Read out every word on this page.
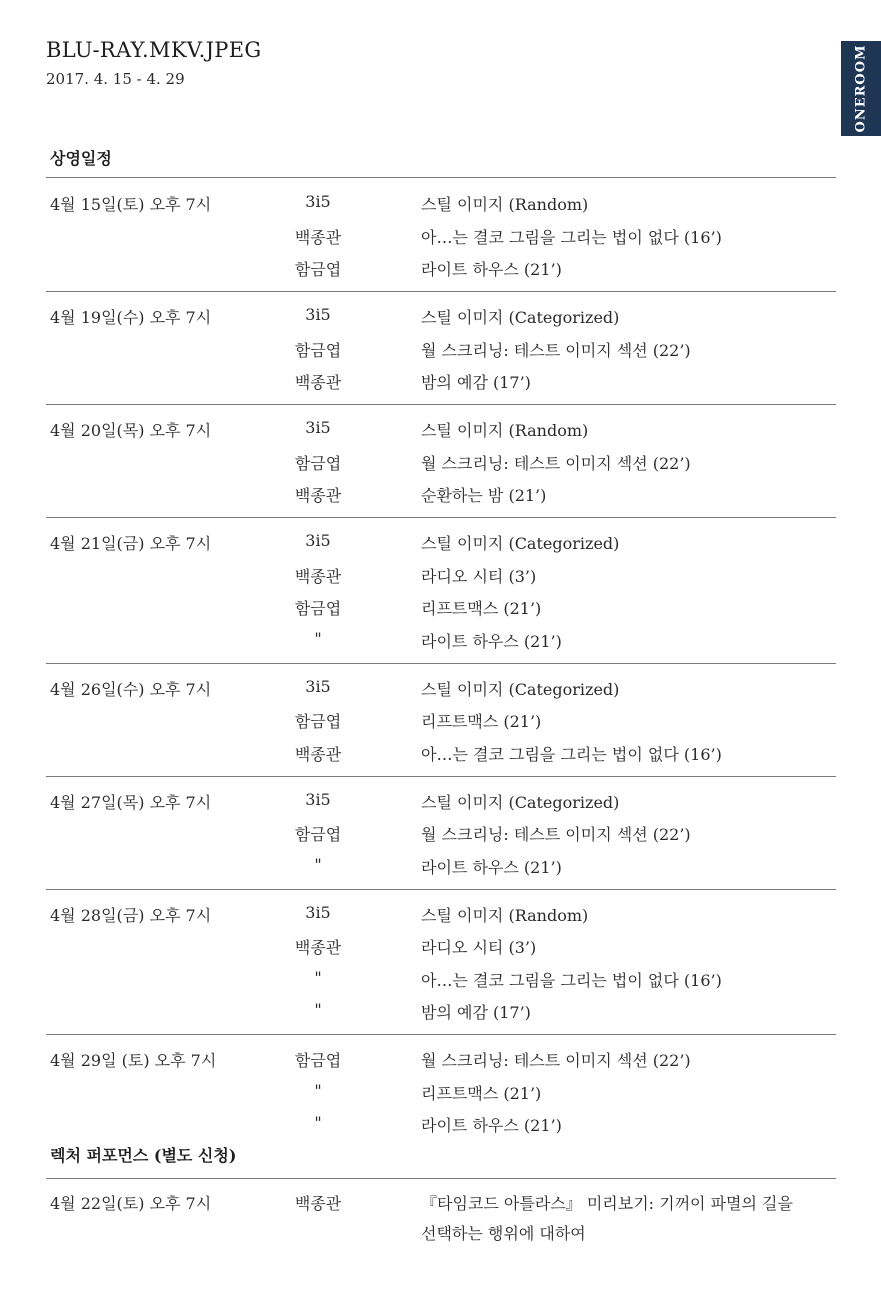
BLU-RAY.MKV.JPEG
2017. 4. 15 - 4. 29	ONEROOM
상영일정
4월 15일(토) 오후 7시	3i5	스틸 이미지 (Random)
백종관	아…는 결코 그림을 그리는 법이 없다 (16’)
함금엽	라이트 하우스 (21’)
4월 19일(수) 오후 7시	3i5	스틸 이미지 (Categorized)
함금엽	월 스크리닝: 테스트 이미지 섹션 (22’)
백종관	밤의 예감 (17’)
4월 20일(목) 오후 7시	3i5	스틸 이미지 (Random)
함금엽	월 스크리닝: 테스트 이미지 섹션 (22’)
백종관	순환하는 밤 (21’)
4월 21일(금) 오후 7시	3i5	스틸 이미지 (Categorized)
백종관	라디오 시티 (3’)
함금엽	리프트맥스 (21’)
"	라이트 하우스 (21’)
4월 26일(수) 오후 7시	3i5	스틸 이미지 (Categorized)
함금엽	리프트맥스 (21’)
백종관	아…는 결코 그림을 그리는 법이 없다 (16’)
4월 27일(목) 오후 7시	3i5	스틸 이미지 (Categorized)
함금엽	월 스크리닝: 테스트 이미지 섹션 (22’)
"	라이트 하우스 (21’)
4월 28일(금) 오후 7시	3i5	스틸 이미지 (Random)
백종관	라디오 시티 (3’)
"	아…는 결코 그림을 그리는 법이 없다 (16’)
"	밤의 예감 (17’)
4월 29일 (토) 오후 7시	함금엽	월 스크리닝: 테스트 이미지 섹션 (22’)
"	리프트맥스 (21’)
"	라이트 하우스 (21’)
렉처 퍼포먼스 (별도 신청)
4월 22일(토) 오후 7시	백종관	『타임코드 아틀라스』 미리보기: 기꺼이 파멸의 길을
선택하는 행위에 대하여
